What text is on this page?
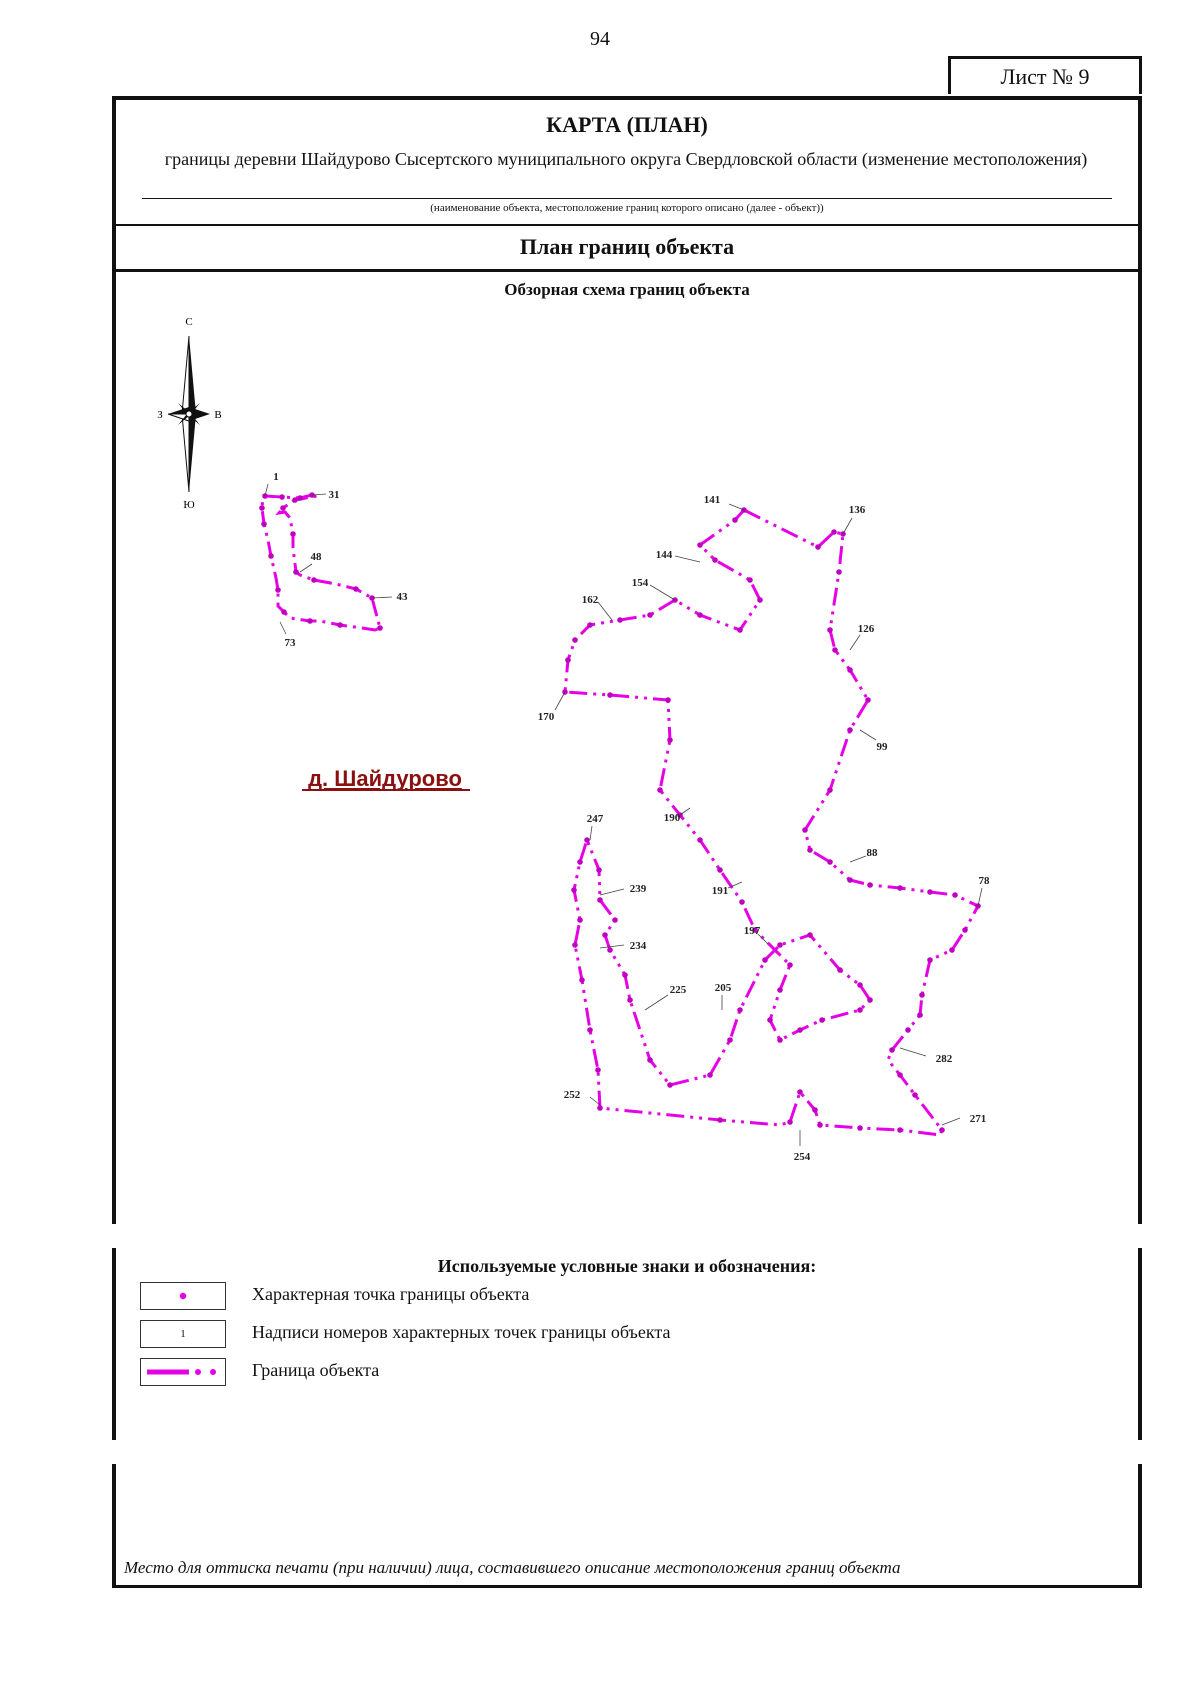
94
Лист № 9
КАРТА (ПЛАН)
границы деревни Шайдурово Сысертского муниципального округа Свердловской области (изменение местоположения)
(наименование объекта, местоположение границ которого описано (далее - объект))
План границ объекта
Обзорная схема границ объекта
С
Ю
З	В
д. Шайдурово
1
31
48
43
73
141
136
144
154
162
126
170
99
190
247
88
239	191
78
197
234
225	205
282
252
271
254
Используемые условные знаки и обозначения:
Характерная точка границы объекта
1	Надписи номеров характерных точек границы объекта
Граница объекта
Место для оттиска печати (при наличии) лица, составившего описание местоположения границ объекта
